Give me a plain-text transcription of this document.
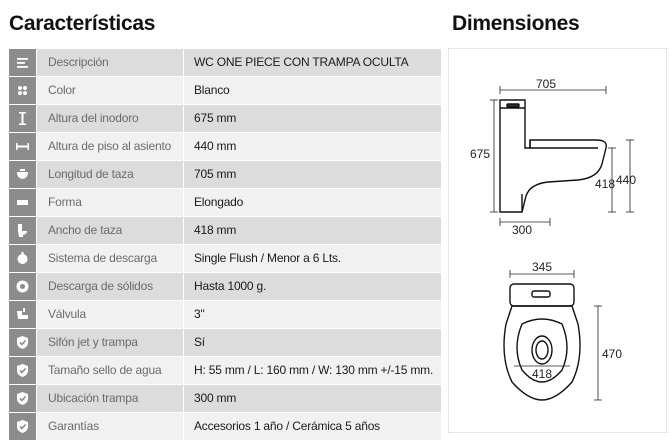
Características	Dimensiones
Descripción	WC ONE PIECE CON TRAMPA OCULTA
Color	Blanco
Altura del inodoro	675 mm
Altura de piso al asiento	440 mm
Longitud de taza	705 mm
Forma	Elongado
Ancho de taza	418 mm
Sistema de descarga	Single Flush / Menor a 6 Lts.
Descarga de sólidos	Hasta 1000 g.
Válvula	3"
Sifón jet y trampa	Sí
Tamaño sello de agua	H: 55 mm / L: 160 mm / W: 130 mm +/-15 mm.
Ubicación trampa	300 mm
Garantías	Accesorios 1 año / Cerámica 5 años
705
675
418 440
300
345
470
418
